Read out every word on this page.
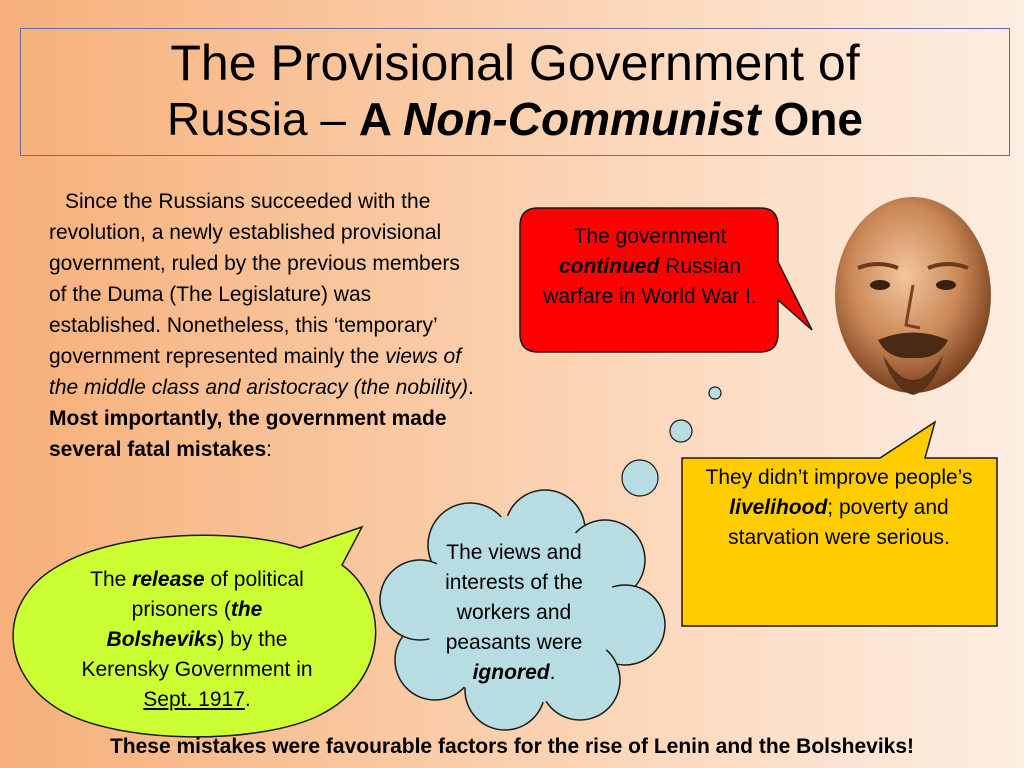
The Provisional Government of
Russia – A Non-Communist One
Since the Russians succeeded with the revolution, a newly established provisional government, ruled by the previous members of the Duma (The Legislature) was established. Nonetheless, this ‘temporary’ government represented mainly the views of the middle class and aristocracy (the nobility). Most importantly, the government made several fatal mistakes:
The government continued Russian warfare in World War I.
They didn’t improve people’s livelihood; poverty and starvation were serious.
The views and interests of the workers and peasants were ignored.
The release of political prisoners (the Bolsheviks) by the Kerensky Government in Sept. 1917.
These mistakes were favourable factors for the rise of Lenin and the Bolsheviks!
